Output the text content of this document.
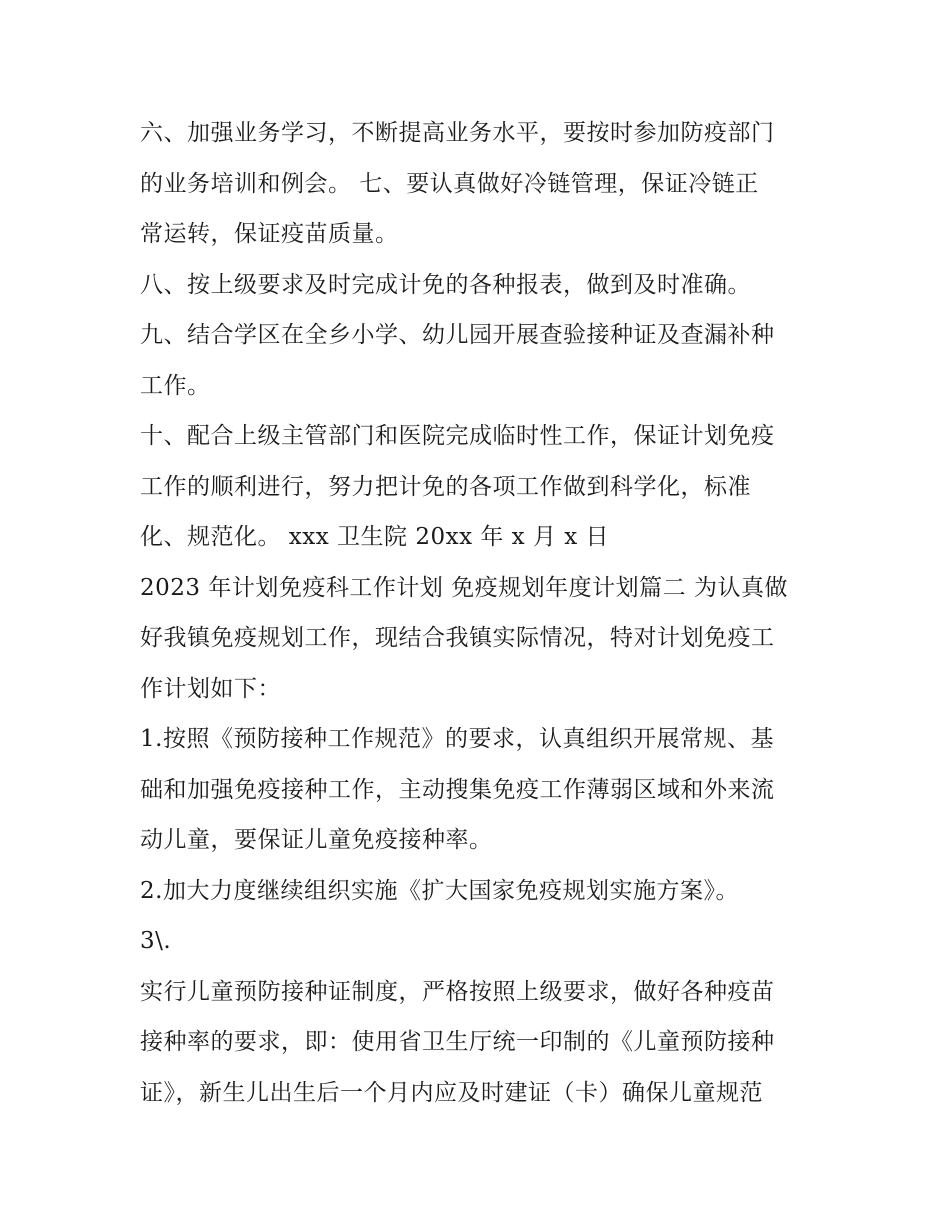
六、加强业务学习，不断提高业务水平，要按时参加防疫部门
的业务培训和例会。 七、要认真做好冷链管理，保证冷链正
常运转，保证疫苗质量。
八、按上级要求及时完成计免的各种报表，做到及时准确。
九、结合学区在全乡小学、幼儿园开展查验接种证及查漏补种
工作。
十、配合上级主管部门和医院完成临时性工作，保证计划免疫
工作的顺利进行，努力把计免的各项工作做到科学化，标准
化、规范化。 xxx 卫生院 20xx 年 x 月 x 日
2023 年计划免疫科工作计划 免疫规划年度计划篇二 为认真做
好我镇免疫规划工作，现结合我镇实际情况，特对计划免疫工
作计划如下：
1.按照《预防接种工作规范》的要求，认真组织开展常规、基
础和加强免疫接种工作，主动搜集免疫工作薄弱区域和外来流
动儿童，要保证儿童免疫接种率。
2.加大力度继续组织实施《扩大国家免疫规划实施方案》。
3\.
实行儿童预防接种证制度，严格按照上级要求，做好各种疫苗
接种率的要求，即：使用省卫生厅统一印制的《儿童预防接种
证》，新生儿出生后一个月内应及时建证（卡）确保儿童规范
